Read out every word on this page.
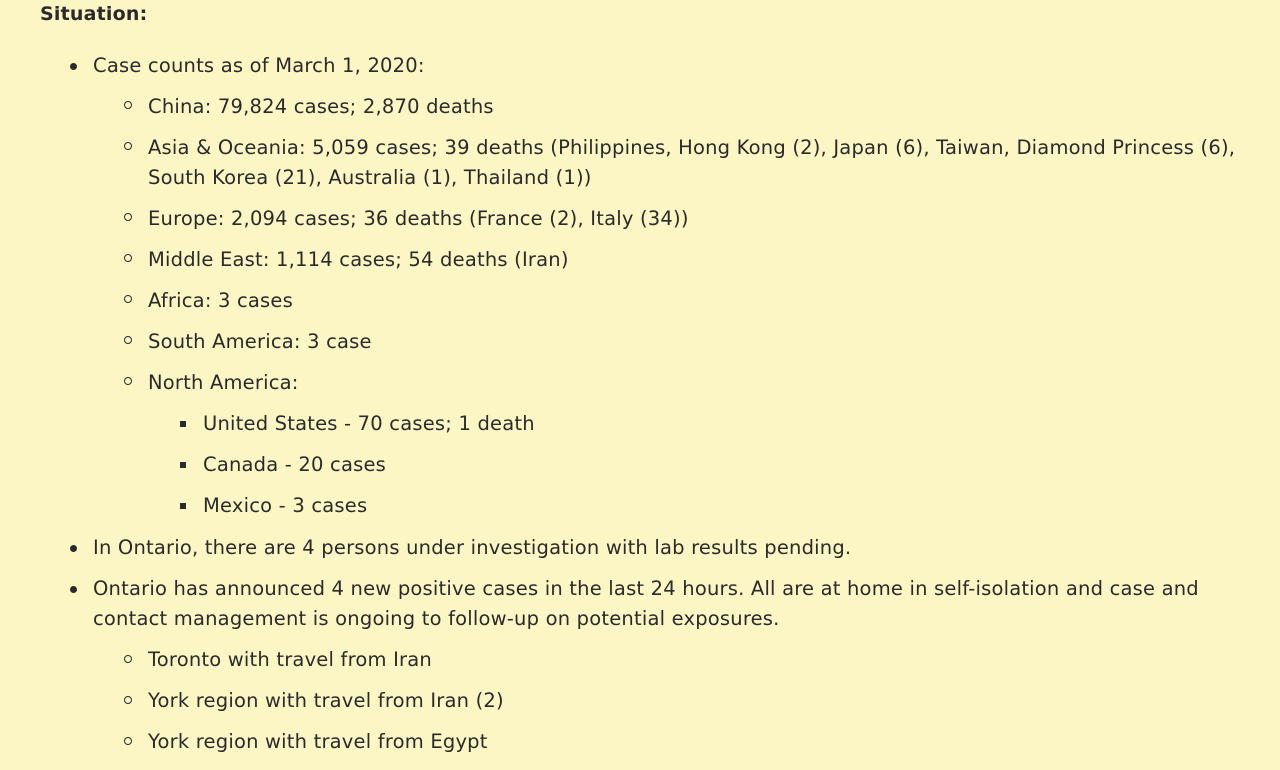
Situation:
Case counts as of March 1, 2020:
China: 79,824 cases; 2,870 deaths
Asia & Oceania: 5,059 cases; 39 deaths (Philippines, Hong Kong (2), Japan (6), Taiwan, Diamond Princess (6),
South Korea (21), Australia (1), Thailand (1))
Europe: 2,094 cases; 36 deaths (France (2), Italy (34))
Middle East: 1,114 cases; 54 deaths (Iran)
Africa: 3 cases
South America: 3 case
North America:
United States - 70 cases; 1 death
Canada - 20 cases
Mexico - 3 cases
In Ontario, there are 4 persons under investigation with lab results pending.
Ontario has announced 4 new positive cases in the last 24 hours. All are at home in self-isolation and case and
contact management is ongoing to follow-up on potential exposures.
Toronto with travel from Iran
York region with travel from Iran (2)
York region with travel from Egypt
